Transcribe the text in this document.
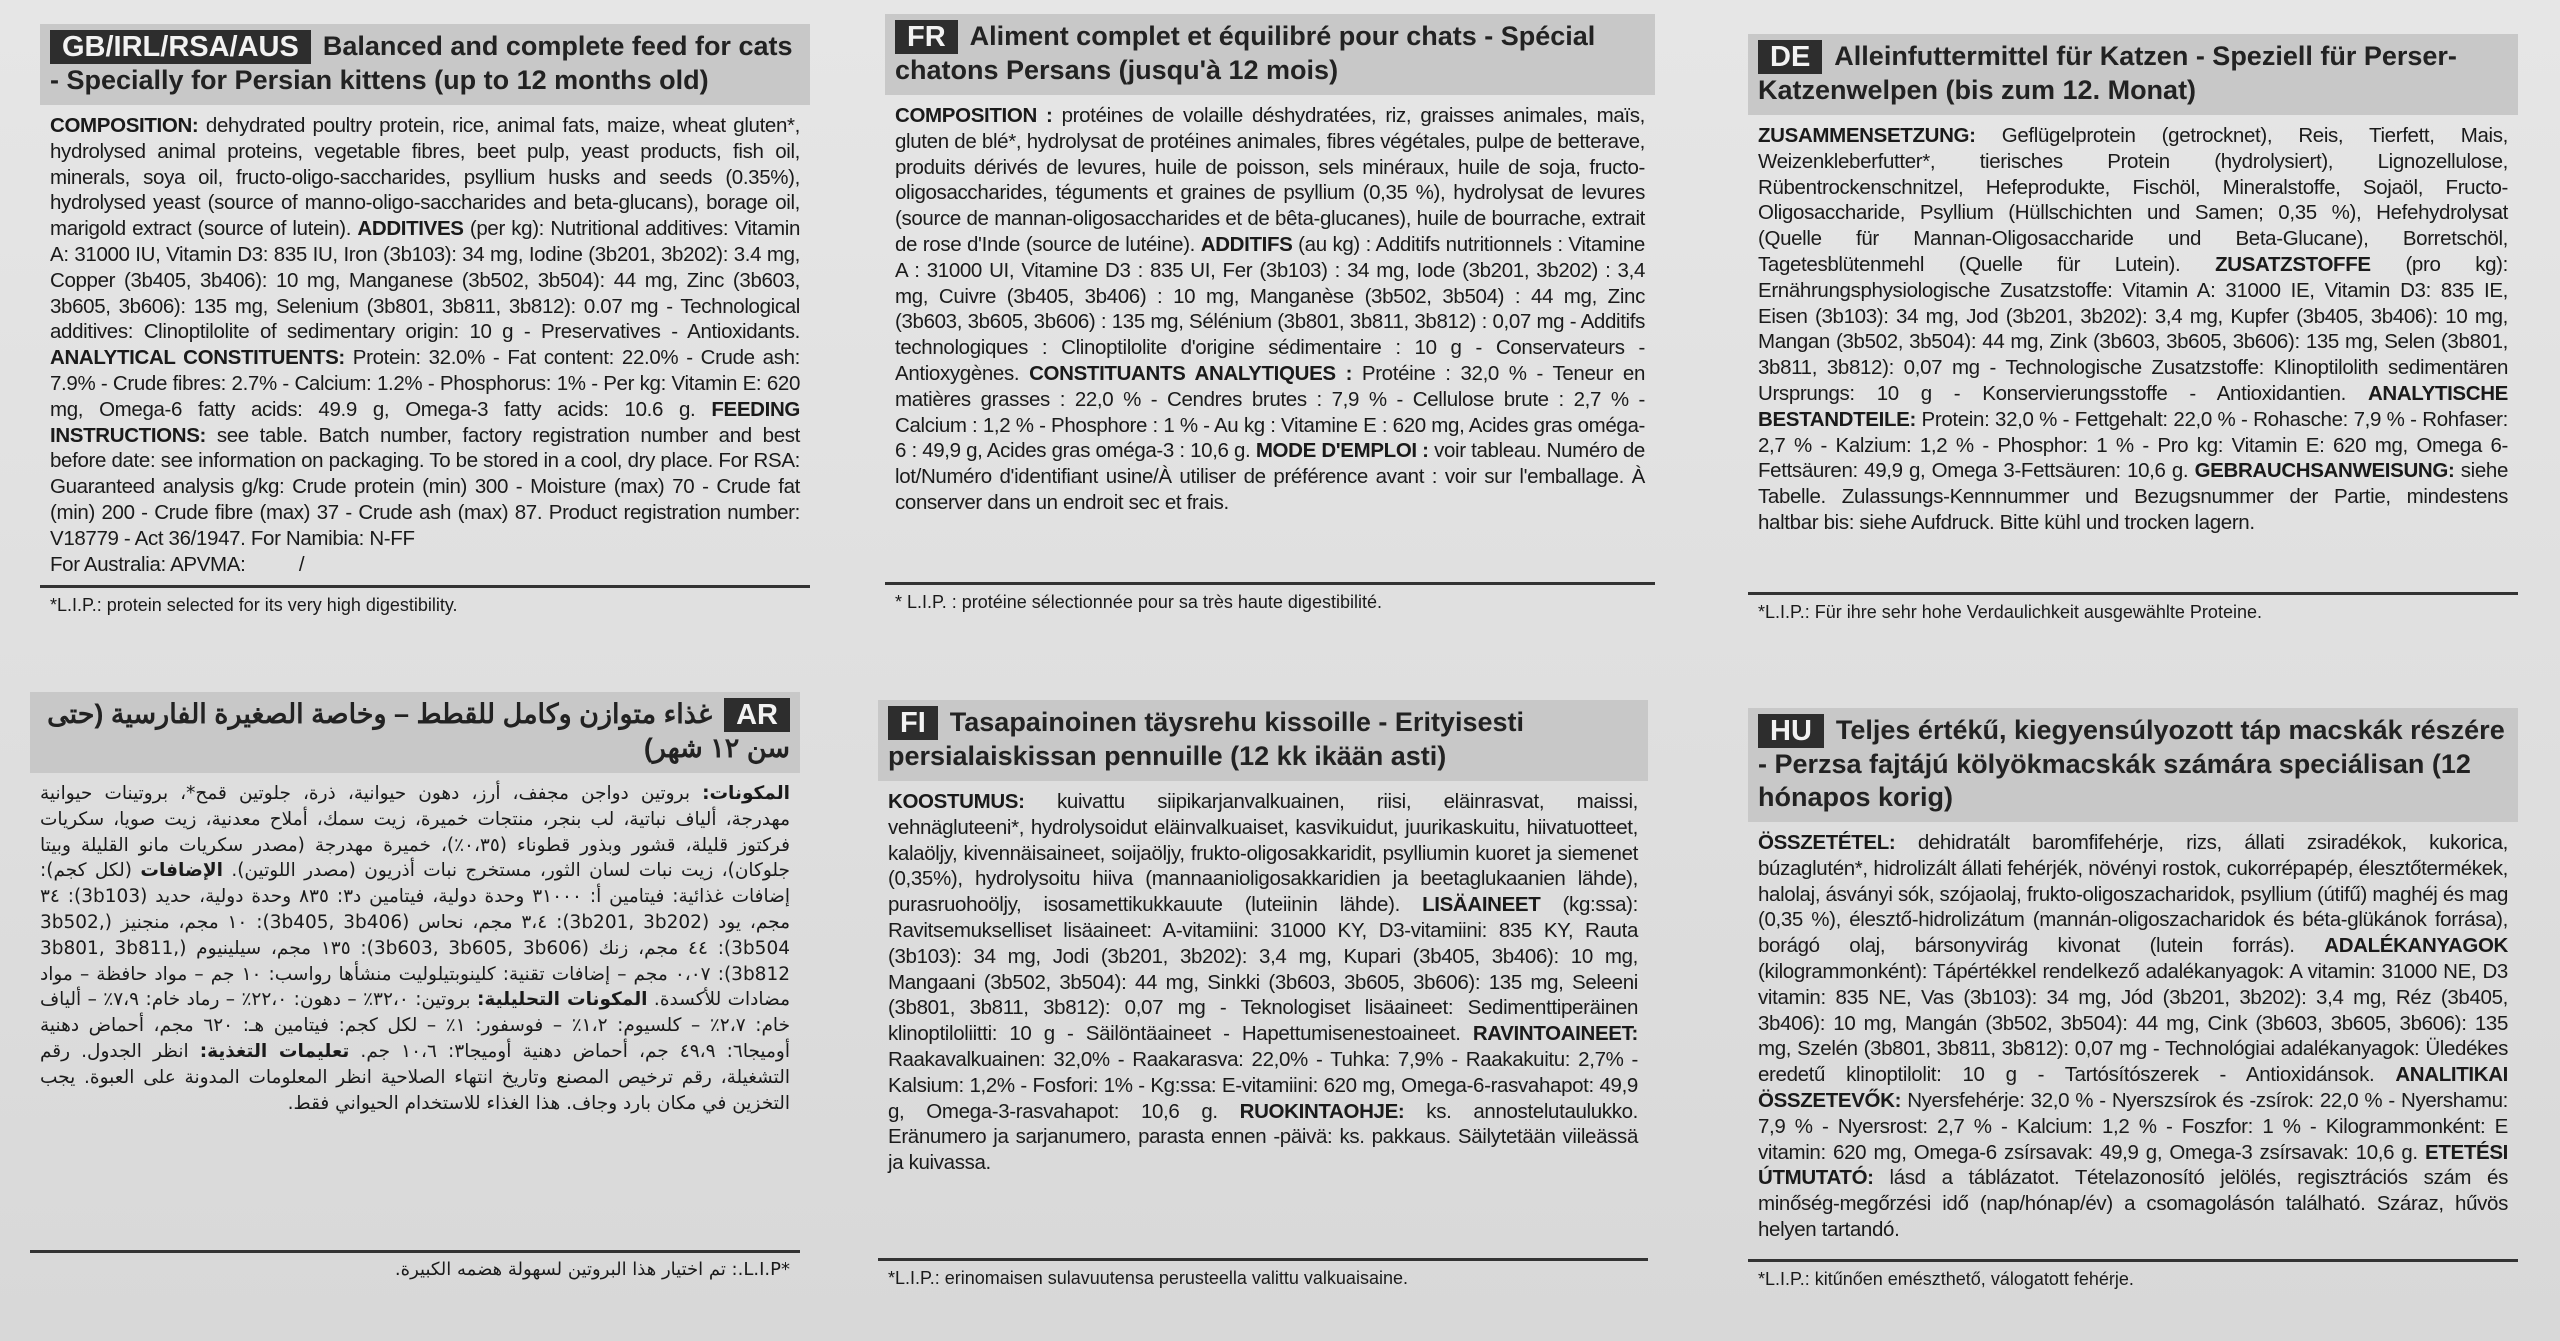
GB/IRL/RSA/AUS Balanced and complete feed for cats - Specially for Persian kittens (up to 12 months old)

COMPOSITION: dehydrated poultry protein, rice, animal fats, maize, wheat gluten*, hydrolysed animal proteins, vegetable fibres, beet pulp, yeast products, fish oil, minerals, soya oil, fructo-oligo-saccharides, psyllium husks and seeds (0.35%), hydrolysed yeast (source of manno-oligo-saccharides and beta-glucans), borage oil, marigold extract (source of lutein). ADDITIVES (per kg): Nutritional additives: Vitamin A: 31000 IU, Vitamin D3: 835 IU, Iron (3b103): 34 mg, Iodine (3b201, 3b202): 3.4 mg, Copper (3b405, 3b406): 10 mg, Manganese (3b502, 3b504): 44 mg, Zinc (3b603, 3b605, 3b606): 135 mg, Selenium (3b801, 3b811, 3b812): 0.07 mg - Technological additives: Clinoptilolite of sedimentary origin: 10 g - Preservatives - Antioxidants. ANALYTICAL CONSTITUENTS: Protein: 32.0% - Fat content: 22.0% - Crude ash: 7.9% - Crude fibres: 2.7% - Calcium: 1.2% - Phosphorus: 1% - Per kg: Vitamin E: 620 mg, Omega-6 fatty acids: 49.9 g, Omega-3 fatty acids: 10.6 g. FEEDING INSTRUCTIONS: see table. Batch number, factory registration number and best before date: see information on packaging. To be stored in a cool, dry place. For RSA: Guaranteed analysis g/kg: Crude protein (min) 300 - Moisture (max) 70 - Crude fat (min) 200 - Crude fibre (max) 37 - Crude ash (max) 87. Product registration number: V18779 - Act 36/1947. For Namibia: N-FF

For Australia: APVMA:          /

*L.I.P.: protein selected for its very high digestibility.
FR Aliment complet et équilibré pour chats - Spécial chatons Persans (jusqu'à 12 mois)

COMPOSITION : protéines de volaille déshydratées, riz, graisses animales, maïs, gluten de blé*, hydrolysat de protéines animales, fibres végétales, pulpe de betterave, produits dérivés de levures, huile de poisson, sels minéraux, huile de soja, fructo-oligosaccharides, téguments et graines de psyllium (0,35 %), hydrolysat de levures (source de mannan-oligosaccharides et de bêta-glucanes), huile de bourrache, extrait de rose d'Inde (source de lutéine). ADDITIFS (au kg) : Additifs nutritionnels : Vitamine A : 31000 UI, Vitamine D3 : 835 UI, Fer (3b103) : 34 mg, Iode (3b201, 3b202) : 3,4 mg, Cuivre (3b405, 3b406) : 10 mg, Manganèse (3b502, 3b504) : 44 mg, Zinc (3b603, 3b605, 3b606) : 135 mg, Sélénium (3b801, 3b811, 3b812) : 0,07 mg - Additifs technologiques : Clinoptilolite d'origine sédimentaire : 10 g - Conservateurs - Antioxygènes. CONSTITUANTS ANALYTIQUES : Protéine : 32,0 % - Teneur en matières grasses : 22,0 % - Cendres brutes : 7,9 % - Cellulose brute : 2,7 % - Calcium : 1,2 % - Phosphore : 1 % - Au kg : Vitamine E : 620 mg, Acides gras oméga-6 : 49,9 g, Acides gras oméga-3 : 10,6 g. MODE D'EMPLOI : voir tableau. Numéro de lot/Numéro d'identifiant usine/À utiliser de préférence avant : voir sur l'emballage. À conserver dans un endroit sec et frais.

* L.I.P. : protéine sélectionnée pour sa très haute digestibilité.
DE Alleinfuttermittel für Katzen - Speziell für Perser-Katzenwelpen (bis zum 12. Monat)

ZUSAMMENSETZUNG: Geflügelprotein (getrocknet), Reis, Tierfett, Mais, Weizenkleberfutter*, tierisches Protein (hydrolysiert), Lignozellulose, Rübentrockenschnitzel, Hefeprodukte, Fischöl, Mineralstoffe, Sojaöl, Fructo-Oligosaccharide, Psyllium (Hüllschichten und Samen; 0,35 %), Hefehydrolysat (Quelle für Mannan-Oligosaccharide und Beta-Glucane), Borretschöl, Tagetesblütenmehl (Quelle für Lutein). ZUSATZSTOFFE (pro kg): Ernährungsphysiologische Zusatzstoffe: Vitamin A: 31000 IE, Vitamin D3: 835 IE, Eisen (3b103): 34 mg, Jod (3b201, 3b202): 3,4 mg, Kupfer (3b405, 3b406): 10 mg, Mangan (3b502, 3b504): 44 mg, Zink (3b603, 3b605, 3b606): 135 mg, Selen (3b801, 3b811, 3b812): 0,07 mg - Technologische Zusatzstoffe: Klinoptilolith sedimentären Ursprungs: 10 g - Konservierungsstoffe - Antioxidantien. ANALYTISCHE BESTANDTEILE: Protein: 32,0 % - Fettgehalt: 22,0 % - Rohasche: 7,9 % - Rohfaser: 2,7 % - Kalzium: 1,2 % - Phosphor: 1 % - Pro kg: Vitamin E: 620 mg, Omega 6-Fettsäuren: 49,9 g, Omega 3-Fettsäuren: 10,6 g. GEBRAUCHSANWEISUNG: siehe Tabelle. Zulassungs-Kennnummer und Bezugsnummer der Partie, mindestens haltbar bis: siehe Aufdruck. Bitte kühl und trocken lagern.

*L.I.P.: Für ihre sehr hohe Verdaulichkeit ausgewählte Proteine.
ARغذاء متوازن وكامل للقطط – وخاصة الصغيرة الفارسية (حتى سن ١٢ شهر)

المكونات: بروتين دواجن مجفف، أرز، دهون حيوانية، ذرة، جلوتين قمح*، بروتينات حيوانية مهدرجة، ألياف نباتية، لب بنجر، منتجات خميرة، زيت سمك، أملاح معدنية، زيت صويا، سكريات فركتوز قليلة، قشور وبذور قطوناء (٠،٣٥٪)، خميرة مهدرجة (مصدر سكريات مانو القليلة وبيتا جلوكان)، زيت نبات لسان الثور، مستخرج نبات أذريون (مصدر اللوتين). الإضافات (لكل كجم): إضافات غذائية: فيتامين أ: ٣١٠٠٠ وحدة دولية، فيتامين د٣: ٨٣٥ وحدة دولية، حديد (3b103): ٣٤ مجم، يود (3b201, 3b202): ٣،٤ مجم، نحاس (3b405, 3b406): ١٠ مجم، منجنيز (3b502, 3b504): ٤٤ مجم، زنك (3b603, 3b605, 3b606): ١٣٥ مجم، سيلينيوم (3b801, 3b811, 3b812): ٠،٠٧ مجم – إضافات تقنية: كلينوبتيلوليت منشأها رواسب: ١٠ جم – مواد حافظة – مواد مضادات للأكسدة. المكونات التحليلية: بروتين: ٣٢،٠٪ – دهون: ٢٢،٠٪ – رماد خام: ٧،٩٪ – ألياف خام: ٢،٧٪ – كلسيوم: ١،٢٪ – فوسفور: ١٪ – لكل كجم: فيتامين هـ: ٦٢٠ مجم، أحماض دهنية أوميجا٦: ٤٩،٩ جم، أحماض دهنية أوميجا٣: ١٠،٦ جم. تعليمات التغذية: انظر الجدول. رقم التشغيلة، رقم ترخيص المصنع وتاريخ انتهاء الصلاحية انظر المعلومات المدونة على العبوة. يجب التخزين في مكان بارد وجاف. هذا الغذاء للاستخدام الحيواني فقط.

*L.I.P.: تم اختيار هذا البروتين لسهولة هضمه الكبيرة.
FI Tasapainoinen täysrehu kissoille - Erityisesti persialaiskissan pennuille (12 kk ikään asti)

KOOSTUMUS: kuivattu siipikarjanvalkuainen, riisi, eläinrasvat, maissi, vehnägluteeni*, hydrolysoidut eläinvalkuaiset, kasvikuidut, juurikaskuitu, hiivatuotteet, kalaöljy, kivennäisaineet, soijaöljy, frukto-oligosakkaridit, psylliumin kuoret ja siemenet (0,35%), hydrolysoitu hiiva (mannaanioligosakkaridien ja beetaglukaanien lähde), purasruohoöljy, isosamettikukkauute (luteiinin lähde). LISÄAINEET (kg:ssa): Ravitsemukselliset lisäaineet: A-vitamiini: 31000 KY, D3-vitamiini: 835 KY, Rauta (3b103): 34 mg, Jodi (3b201, 3b202): 3,4 mg, Kupari (3b405, 3b406): 10 mg, Mangaani (3b502, 3b504): 44 mg, Sinkki (3b603, 3b605, 3b606): 135 mg, Seleeni (3b801, 3b811, 3b812): 0,07 mg - Teknologiset lisäaineet: Sedimenttiperäinen klinoptiloliitti: 10 g - Säilöntäaineet - Hapettumisenestoaineet. RAVINTOAINEET: Raakavalkuainen: 32,0% - Raakarasva: 22,0% - Tuhka: 7,9% - Raakakuitu: 2,7% - Kalsium: 1,2% - Fosfori: 1% - Kg:ssa: E-vitamiini: 620 mg, Omega-6-rasvahapot: 49,9 g, Omega-3-rasvahapot: 10,6 g. RUOKINTAOHJE: ks. annostelutaulukko. Eränumero ja sarjanumero, parasta ennen -päivä: ks. pakkaus. Säilytetään viileässä ja kuivassa.

*L.I.P.: erinomaisen sulavuutensa perusteella valittu valkuaisaine.
HU Teljes értékű, kiegyensúlyozott táp macskák részére - Perzsa fajtájú kölyökmacskák számára speciálisan (12 hónapos korig)

ÖSSZETÉTEL: dehidratált baromfifehérje, rizs, állati zsiradékok, kukorica, búzaglutén*, hidrolizált állati fehérjék, növényi rostok, cukorrépapép, élesztőtermékek, halolaj, ásványi sók, szójaolaj, frukto-oligoszacharidok, psyllium (útifű) maghéj és mag (0,35 %), élesztő-hidrolizátum (mannán-oligoszacharidok és béta-glükánok forrása), borágó olaj, bársonyvirág kivonat (lutein forrás). ADALÉKANYAGOK (kilogrammonként): Tápértékkel rendelkező adalékanyagok: A vitamin: 31000 NE, D3 vitamin: 835 NE, Vas (3b103): 34 mg, Jód (3b201, 3b202): 3,4 mg, Réz (3b405, 3b406): 10 mg, Mangán (3b502, 3b504): 44 mg, Cink (3b603, 3b605, 3b606): 135 mg, Szelén (3b801, 3b811, 3b812): 0,07 mg - Technológiai adalékanyagok: Üledékes eredetű klinoptilolit: 10 g - Tartósítószerek - Antioxidánsok. ANALITIKAI ÖSSZETEVŐK: Nyersfehérje: 32,0 % - Nyerszsírok és -zsírok: 22,0 % - Nyershamu: 7,9 % - Nyersrost: 2,7 % - Kalcium: 1,2 % - Foszfor: 1 % - Kilogrammonként: E vitamin: 620 mg, Omega-6 zsírsavak: 49,9 g, Omega-3 zsírsavak: 10,6 g. ETETÉSI ÚTMUTATÓ: lásd a táblázatot. Tételazonosító jelölés, regisztrációs szám és minőség-megőrzési idő (nap/hónap/év) a csomagolásón található. Száraz, hűvös helyen tartandó.

*L.I.P.: kitűnően emészthető, válogatott fehérje.
